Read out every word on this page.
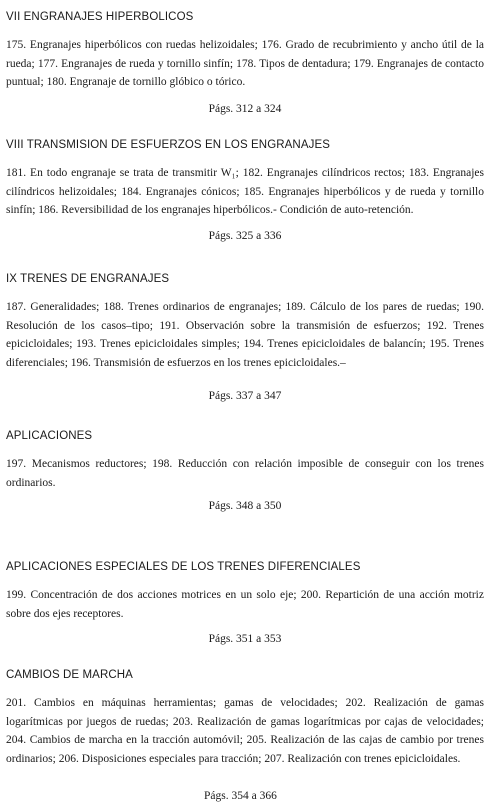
VII ENGRANAJES HIPERBOLICOS

175. Engranajes hiperbólicos con ruedas helizoidales; 176. Grado de recubrimiento y ancho útil de la rueda; 177. Engranajes de rueda y tornillo sinfín; 178. Tipos de dentadura; 179. Engranajes de contacto puntual; 180. Engranaje de tornillo glóbico o tórico.

Págs. 312 a 324

VIII TRANSMISION DE ESFUERZOS EN LOS ENGRANAJES

181. En todo engranaje se trata de transmitir W₁; 182. Engranajes cilíndricos rectos; 183. Engranajes cilíndricos helizoidales; 184. Engranajes cónicos; 185. Engranajes hiperbólicos y de rueda y tornillo sinfín; 186. Reversibilidad de los engranajes hiperbólicos.- Condición de auto-retención.

Págs. 325 a 336

IX TRENES DE ENGRANAJES

187. Generalidades; 188. Trenes ordinarios de engranajes; 189. Cálculo de los pares de ruedas; 190. Resolución de los casos–tipo; 191. Observación sobre la transmisión de esfuerzos; 192. Trenes epicicloidales; 193. Trenes epicicloidales simples; 194. Trenes epicicloidales de balancín; 195. Trenes diferenciales; 196. Transmisión de esfuerzos en los trenes epicicloidales.–

Págs. 337 a 347

APLICACIONES

197. Mecanismos reductores; 198. Reducción con relación imposible de conseguir con los trenes ordinarios.

Págs. 348 a 350

APLICACIONES ESPECIALES DE LOS TRENES DIFERENCIALES

199. Concentración de dos acciones motrices en un solo eje; 200. Repartición de una acción motriz sobre dos ejes receptores.

Págs. 351 a 353

CAMBIOS DE MARCHA

201. Cambios en máquinas herramientas; gamas de velocidades; 202. Realización de gamas logarítmicas por juegos de ruedas; 203. Realización de gamas logarítmicas por cajas de velocidades; 204. Cambios de marcha en la tracción automóvil; 205. Realización de las cajas de cambio por trenes ordinarios; 206. Disposiciones especiales para tracción; 207. Realización con trenes epicicloidales.

Págs. 354 a 366
